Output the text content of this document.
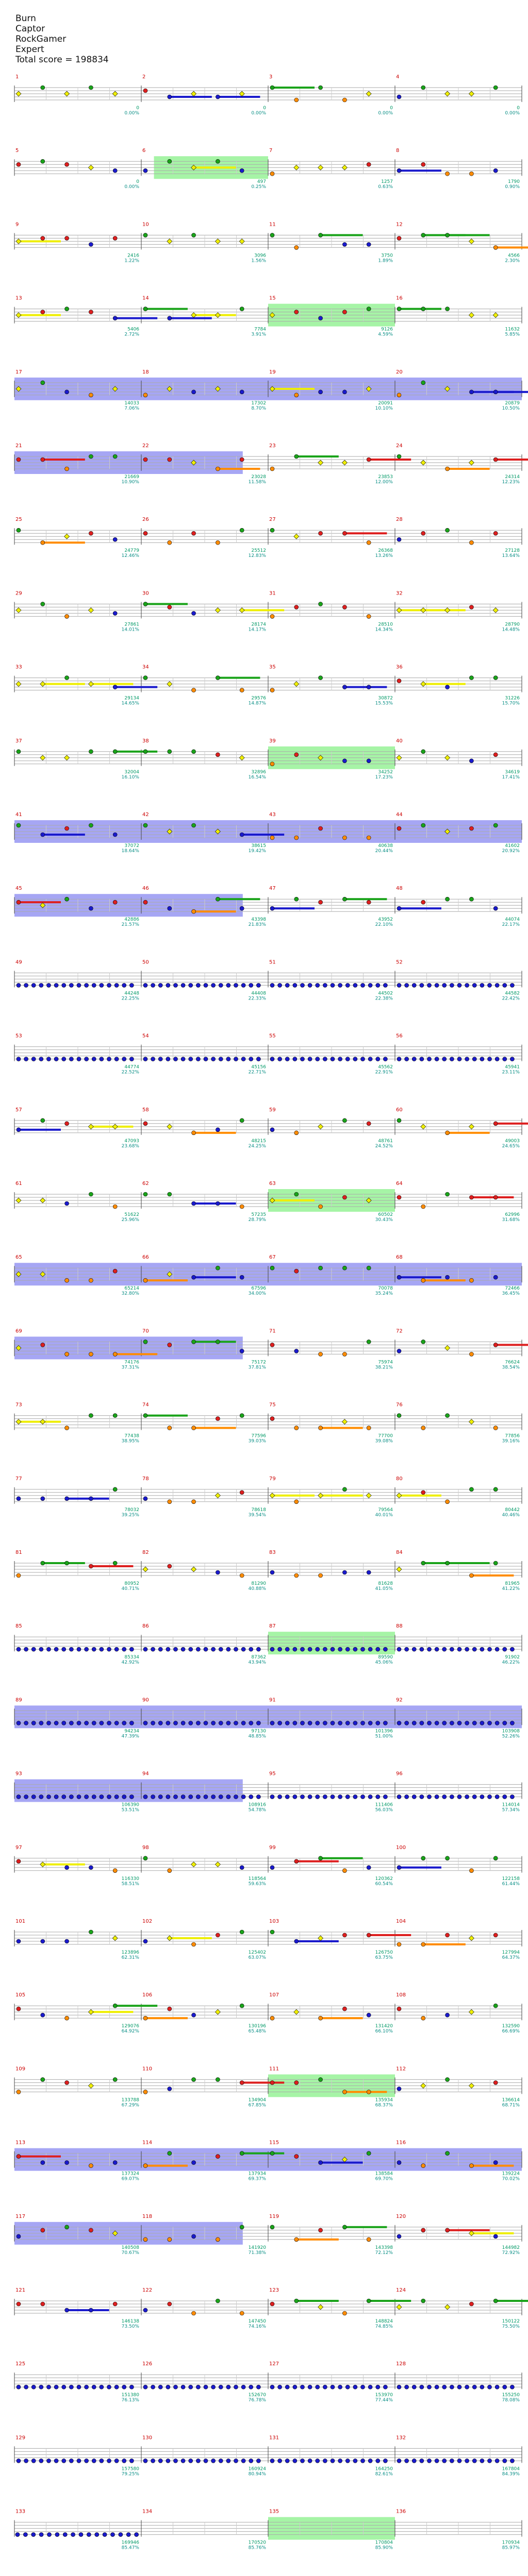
Burn
Captor
RockGamer
Expert
Total score = 198834
1	2	3	4
0
0.00%
0
0.00%
0
0.00%
0
0.00%
5	6	7	8
0
0.00%
497
0.25%
1257
0.63%
1790
0.90%
9	10	11	12
2416
1.22%
3096
1.56%
3750
1.89%
4566
2.30%
13	14	15	16
5406
2.72%
7784
3.91%
9126
4.59%
11632
5.85%
17	18	19	20
14033
7.06%
17302
8.70%
20091
10.10%
20879
10.50%
21	22	23	24
21669
10.90%
23028
11.58%
23853
12.00%
24314
12.23%
25	26	27	28
24779
12.46%
25512
12.83%
26368
13.26%
27128
13.64%
29	30	31	32
27861
14.01%
28174
14.17%
28510
14.34%
28790
14.48%
33	34	35	36
29134
14.65%
29576
14.87%
30872
15.53%
31226
15.70%
37	38	39	40
32004
16.10%
32896
16.54%
34252
17.23%
34619
17.41%
41	42	43	44
37072
18.64%
38615
19.42%
40638
20.44%
41602
20.92%
45	46	47	48
42886
21.57%
43398
21.83%
43952
22.10%
44074
22.17%
49	50	51	52
44248
22.25%
44408
22.33%
44502
22.38%
44582
22.42%
53	54	55	56
44774
22.52%
45156
22.71%
45562
22.91%
45941
23.11%
57	58	59	60
47093
23.68%
48215
24.25%
48761
24.52%
49003
24.65%
61	62	63	64
51622
25.96%
57235
28.79%
60502
30.43%
62996
31.68%
65	66	67	68
65214
32.80%
67596
34.00%
70078
35.24%
72466
36.45%
69	70	71	72
74176
37.31%
75172
37.81%
75974
38.21%
76624
38.54%
73	74	75	76
77438
38.95%
77596
39.03%
77700
39.08%
77856
39.16%
77	78	79	80
78032
39.25%
78618
39.54%
79564
40.01%
80442
40.46%
81	82	83	84
80952
40.71%
81290
40.88%
81628
41.05%
81965
41.22%
85	86	87	88
85334
42.92%
87362
43.94%
89590
45.06%
91902
46.22%
89	90	91	92
94234
47.39%
97130
48.85%
101396
51.00%
103908
52.26%
93	94	95	96
106390
53.51%
108916
54.78%
111406
56.03%
114014
57.34%
97	98	99	100
116330
58.51%
118564
59.63%
120362
60.54%
122158
61.44%
101	102	103	104
123896
62.31%
125402
63.07%
126750
63.75%
127994
64.37%
105	106	107	108
129076
64.92%
130196
65.48%
131420
66.10%
132590
66.69%
109	110	111	112
133788
67.29%
134904
67.85%
135934
68.37%
136614
68.71%
113	114	115	116
137324
69.07%
137934
69.37%
138584
69.70%
139224
70.02%
117	118	119	120
140508
70.67%
141920
71.38%
143398
72.12%
144982
72.92%
121	122	123	124
146138
73.50%
147450
74.16%
148824
74.85%
150122
75.50%
125	126	127	128
151380
76.13%
152670
76.78%
153970
77.44%
155250
78.08%
129	130	131	132
157580
79.25%
160924
80.94%
164250
82.61%
167804
84.39%
133	134	135	136
169946
85.47%
170520
85.76%
170804
85.90%
170934
85.97%
